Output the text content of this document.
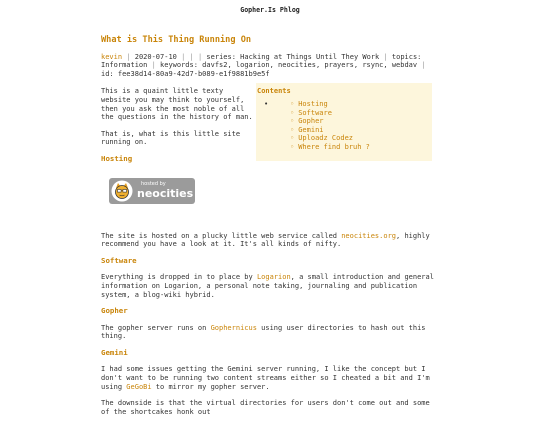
Gopher.Is Phlog
What is This Thing Running On
kevin | 2020-07-10 | | | series: Hacking at Things Until They Work | topics: Information | keywords: davfs2, logarion, neocities, prayers, rsync, webdav | id: fee38d14-80a9-42d7-b089-e1f9881b9e5f

This is a quaint little texty website you may think to yourself, then you ask the most noble of all the questions in the history of man.

That is, what is this little site running on.

Contents
•	◦ Hosting
◦ Software
◦ Gopher
◦ Gemini
◦ Uploadz Codez
◦ Where find bruh ?
Hosting
hosted by
neocities

The site is hosted on a plucky little web service called neocities.org, highly recommend you have a look at it. It's all kinds of nifty.

Software

Everything is dropped in to place by Logarion, a small introduction and general information on Logarion, a personal note taking, journaling and publication system, a blog-wiki hybrid.

Gopher

The gopher server runs on Gophernicus using user directories to hash out this thing.

Gemini

I had some issues getting the Gemini server running, I like the concept but I don't want to be running two content streams either so I cheated a bit and I'm using GeGoBi to mirror my gopher server.

The downside is that the virtual directories for users don't come out and some of the shortcakes honk out
